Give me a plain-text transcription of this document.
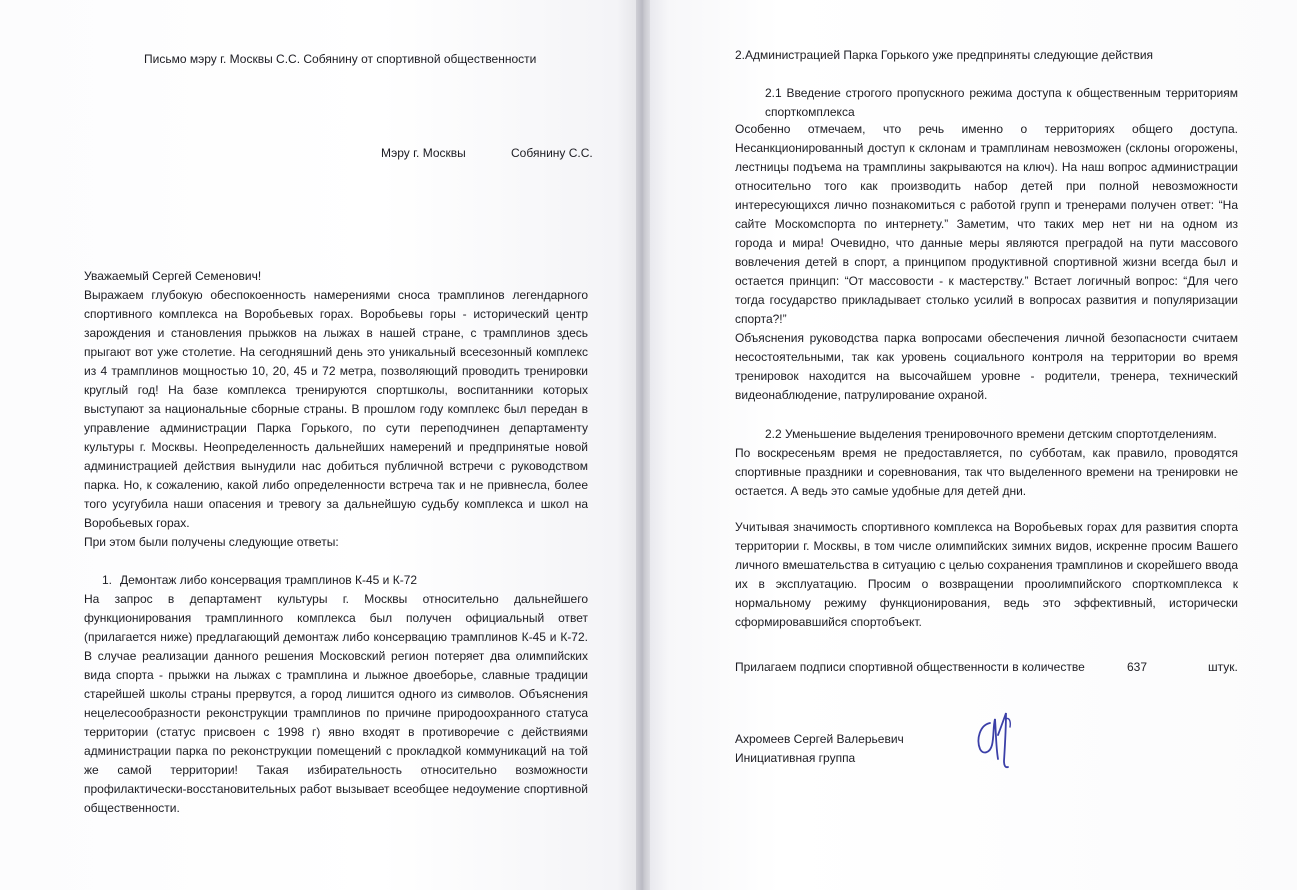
Письмо мэру г. Москвы С.С. Собянину от спортивной общественности
Мэру г. Москвы	Собянину С.С.
Уважаемый Сергей Семенович!
Выражаем глубокую обеспокоенность намерениями сноса трамплинов легендарного
спортивного комплекса на Воробьевых горах. Воробьевы горы - исторический центр
зарождения и становления прыжков на лыжах в нашей стране, с трамплинов здесь
прыгают вот уже столетие. На сегодняшний день это уникальный всесезонный комплекс
из 4 трамплинов мощностью 10, 20, 45 и 72 метра, позволяющий проводить тренировки
круглый год! На базе комплекса тренируются спортшколы, воспитанники которых
выступают за национальные сборные страны. В прошлом году комплекс был передан в
управление администрации Парка Горького, по сути переподчинен департаменту
культуры г. Москвы. Неопределенность дальнейших намерений и предпринятые новой
администрацией действия вынудили нас добиться публичной встречи с руководством
парка. Но, к сожалению, какой либо определенности встреча так и не привнесла, более
того усугубила наши опасения и тревогу за дальнейшую судьбу комплекса и школ на
Воробьевых горах.
При этом были получены следующие ответы:
1. Демонтаж либо консервация трамплинов К-45 и К-72
На запрос в департамент культуры г. Москвы относительно дальнейшего
функционирования трамплинного комплекса был получен официальный ответ
(прилагается ниже) предлагающий демонтаж либо консервацию трамплинов К-45 и К-72.
В случае реализации данного решения Московский регион потеряет два олимпийских
вида спорта - прыжки на лыжах с трамплина и лыжное двоеборье, славные традиции
старейшей школы страны прервутся, а город лишится одного из символов. Объяснения
нецелесообразности реконструкции трамплинов по причине природоохранного статуса
территории (статус присвоен с 1998 г) явно входят в противоречие с действиями
администрации парка по реконструкции помещений с прокладкой коммуникаций на той
же самой территории! Такая избирательность относительно возможности
профилактически-восстановительных работ вызывает всеобщее недоумение спортивной
общественности.
2.Администрацией Парка Горького уже предприняты следующие действия
2.1 Введение строгого пропускного режима доступа к общественным территориям
спорткомплекса
Особенно отмечаем, что речь именно о территориях общего доступа.
Несанкционированный доступ к склонам и трамплинам невозможен (склоны огорожены,
лестницы подъема на трамплины закрываются на ключ). На наш вопрос администрации
относительно того как производить набор детей при полной невозможности
интересующихся лично познакомиться с работой групп и тренерами получен ответ: “На
сайте Москомспорта по интернету.” Заметим, что таких мер нет ни на одном из
города и мира! Очевидно, что данные меры являются преградой на пути массового
вовлечения детей в спорт, а принципом продуктивной спортивной жизни всегда был и
остается принцип: “От массовости - к мастерству.” Встает логичный вопрос: “Для чего
тогда государство прикладывает столько усилий в вопросах развития и популяризации
спорта?!”
Объяснения руководства парка вопросами обеспечения личной безопасности считаем
несостоятельными, так как уровень социального контроля на территории во время
тренировок находится на высочайшем уровне - родители, тренера, технический
видеонаблюдение, патрулирование охраной.
2.2 Уменьшение выделения тренировочного времени детским спортотделениям.
По воскресеньям время не предоставляется, по субботам, как правило, проводятся
спортивные праздники и соревнования, так что выделенного времени на тренировки не
остается. А ведь это самые удобные для детей дни.
Учитывая значимость спортивного комплекса на Воробьевых горах для развития спорта
территории г. Москвы, в том числе олимпийских зимних видов, искренне просим Вашего
личного вмешательства в ситуацию с целью сохранения трамплинов и скорейшего ввода
их в эксплуатацию. Просим о возвращении проолимпийского спорткомплекса к
нормальному режиму функционирования, ведь это эффективный, исторически
сформировавшийся спортобъект.
Прилагаем подписи спортивной общественности в количестве	637	штук.
Ахромеев Сергей Валерьевич
Инициативная группа
